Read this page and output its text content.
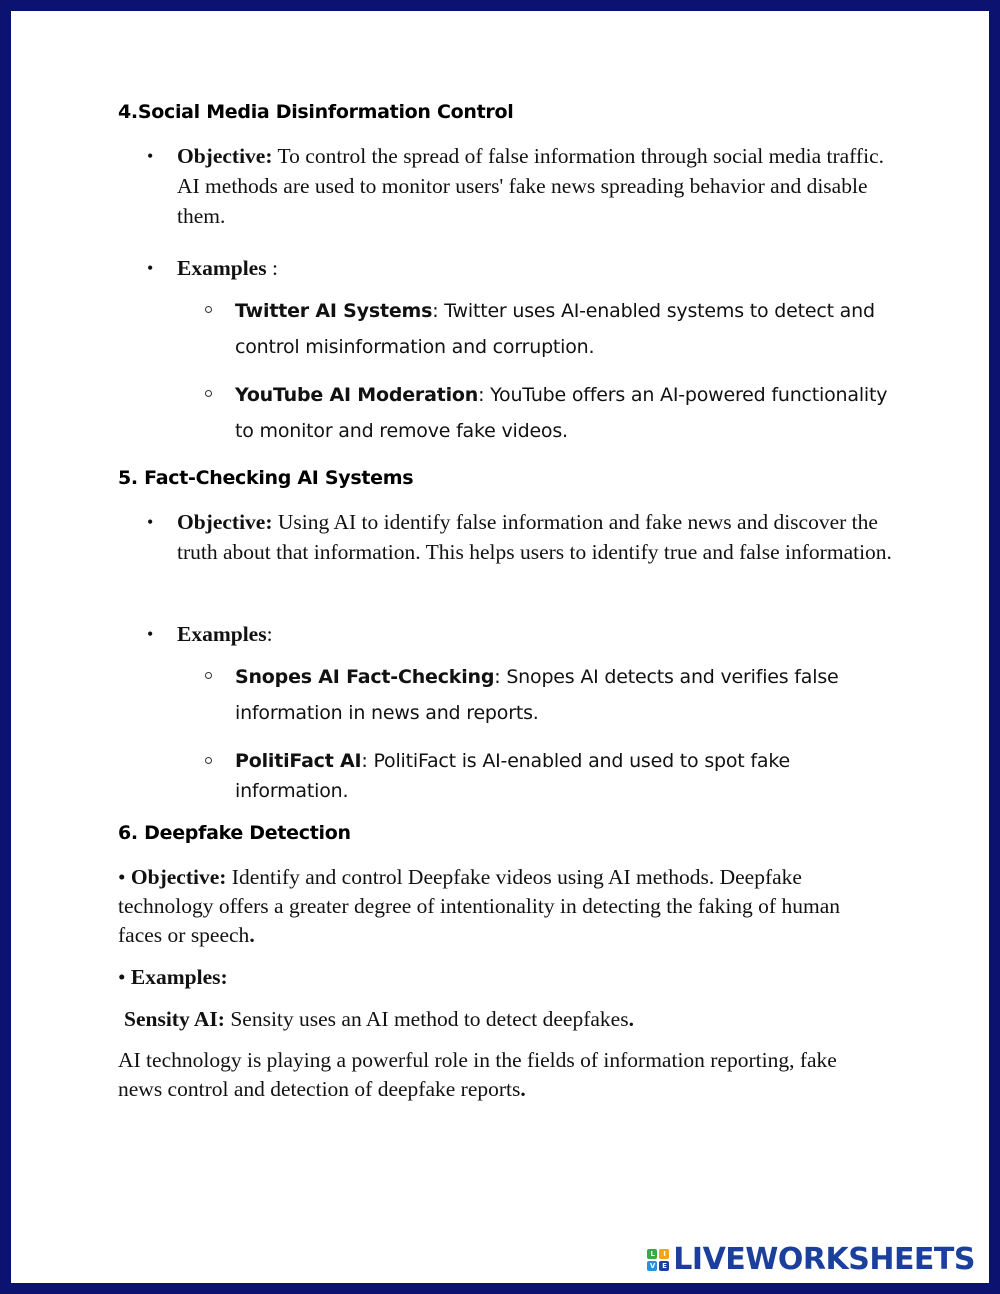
4.Social Media Disinformation Control
• Objective: To control the spread of false information through social media traffic. AI methods are used to monitor users' fake news spreading behavior and disable them.
• Examples :
Twitter AI Systems: Twitter uses AI-enabled systems to detect and control misinformation and corruption.
YouTube AI Moderation: YouTube offers an AI-powered functionality to monitor and remove fake videos.
5. Fact-Checking AI Systems
• Objective: Using AI to identify false information and fake news and discover the truth about that information. This helps users to identify true and false information.
• Examples:
Snopes AI Fact-Checking: Snopes AI detects and verifies false information in news and reports.
PolitiFact AI: PolitiFact is AI-enabled and used to spot fake information.
6. Deepfake Detection
• Objective: Identify and control Deepfake videos using AI methods. Deepfake technology offers a greater degree of intentionality in detecting the faking of human faces or speech.
• Examples:
Sensity AI: Sensity uses an AI method to detect deepfakes.
AI technology is playing a powerful role in the fields of information reporting, fake news control and detection of deepfake reports.
L	I
V	E LIVEWORKSHEETS
